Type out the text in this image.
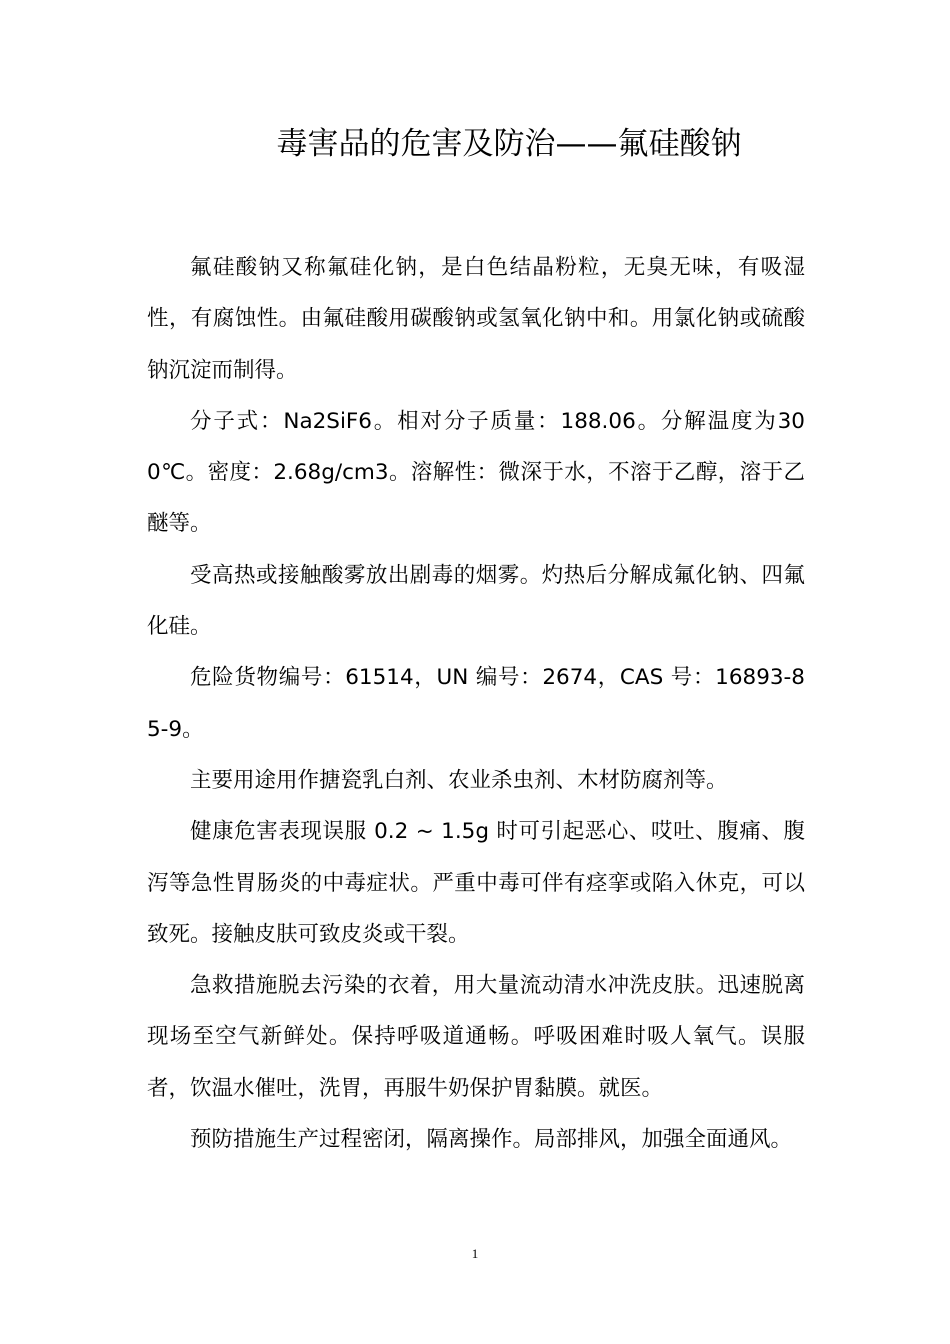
毒害品的危害及防治——氟硅酸钠

氟硅酸钠又称氟硅化钠，是白色结晶粉粒，无臭无味，有吸湿性，有腐蚀性。由氟硅酸用碳酸钠或氢氧化钠中和。用氯化钠或硫酸钠沉淀而制得。

分子式：Na2SiF6。相对分子质量：188.06。分解温度为300℃。密度：2.68g/cm3。溶解性：微深于水，不溶于乙醇，溶于乙醚等。

受高热或接触酸雾放出剧毒的烟雾。灼热后分解成氟化钠、四氟化硅。

危险货物编号：61514，UN 编号：2674，CAS 号：16893-85-9。

主要用途用作搪瓷乳白剂、农业杀虫剂、木材防腐剂等。

健康危害表现误服 0.2 ~ 1.5g 时可引起恶心、哎吐、腹痛、腹泻等急性胃肠炎的中毒症状。严重中毒可伴有痉挛或陷入休克，可以致死。接触皮肤可致皮炎或干裂。

急救措施脱去污染的衣着，用大量流动清水冲洗皮肤。迅速脱离现场至空气新鲜处。保持呼吸道通畅。呼吸困难时吸人氧气。误服者，饮温水催吐，洗胃，再服牛奶保护胃黏膜。就医。

预防措施生产过程密闭，隔离操作。局部排风，加强全面通风。

1
